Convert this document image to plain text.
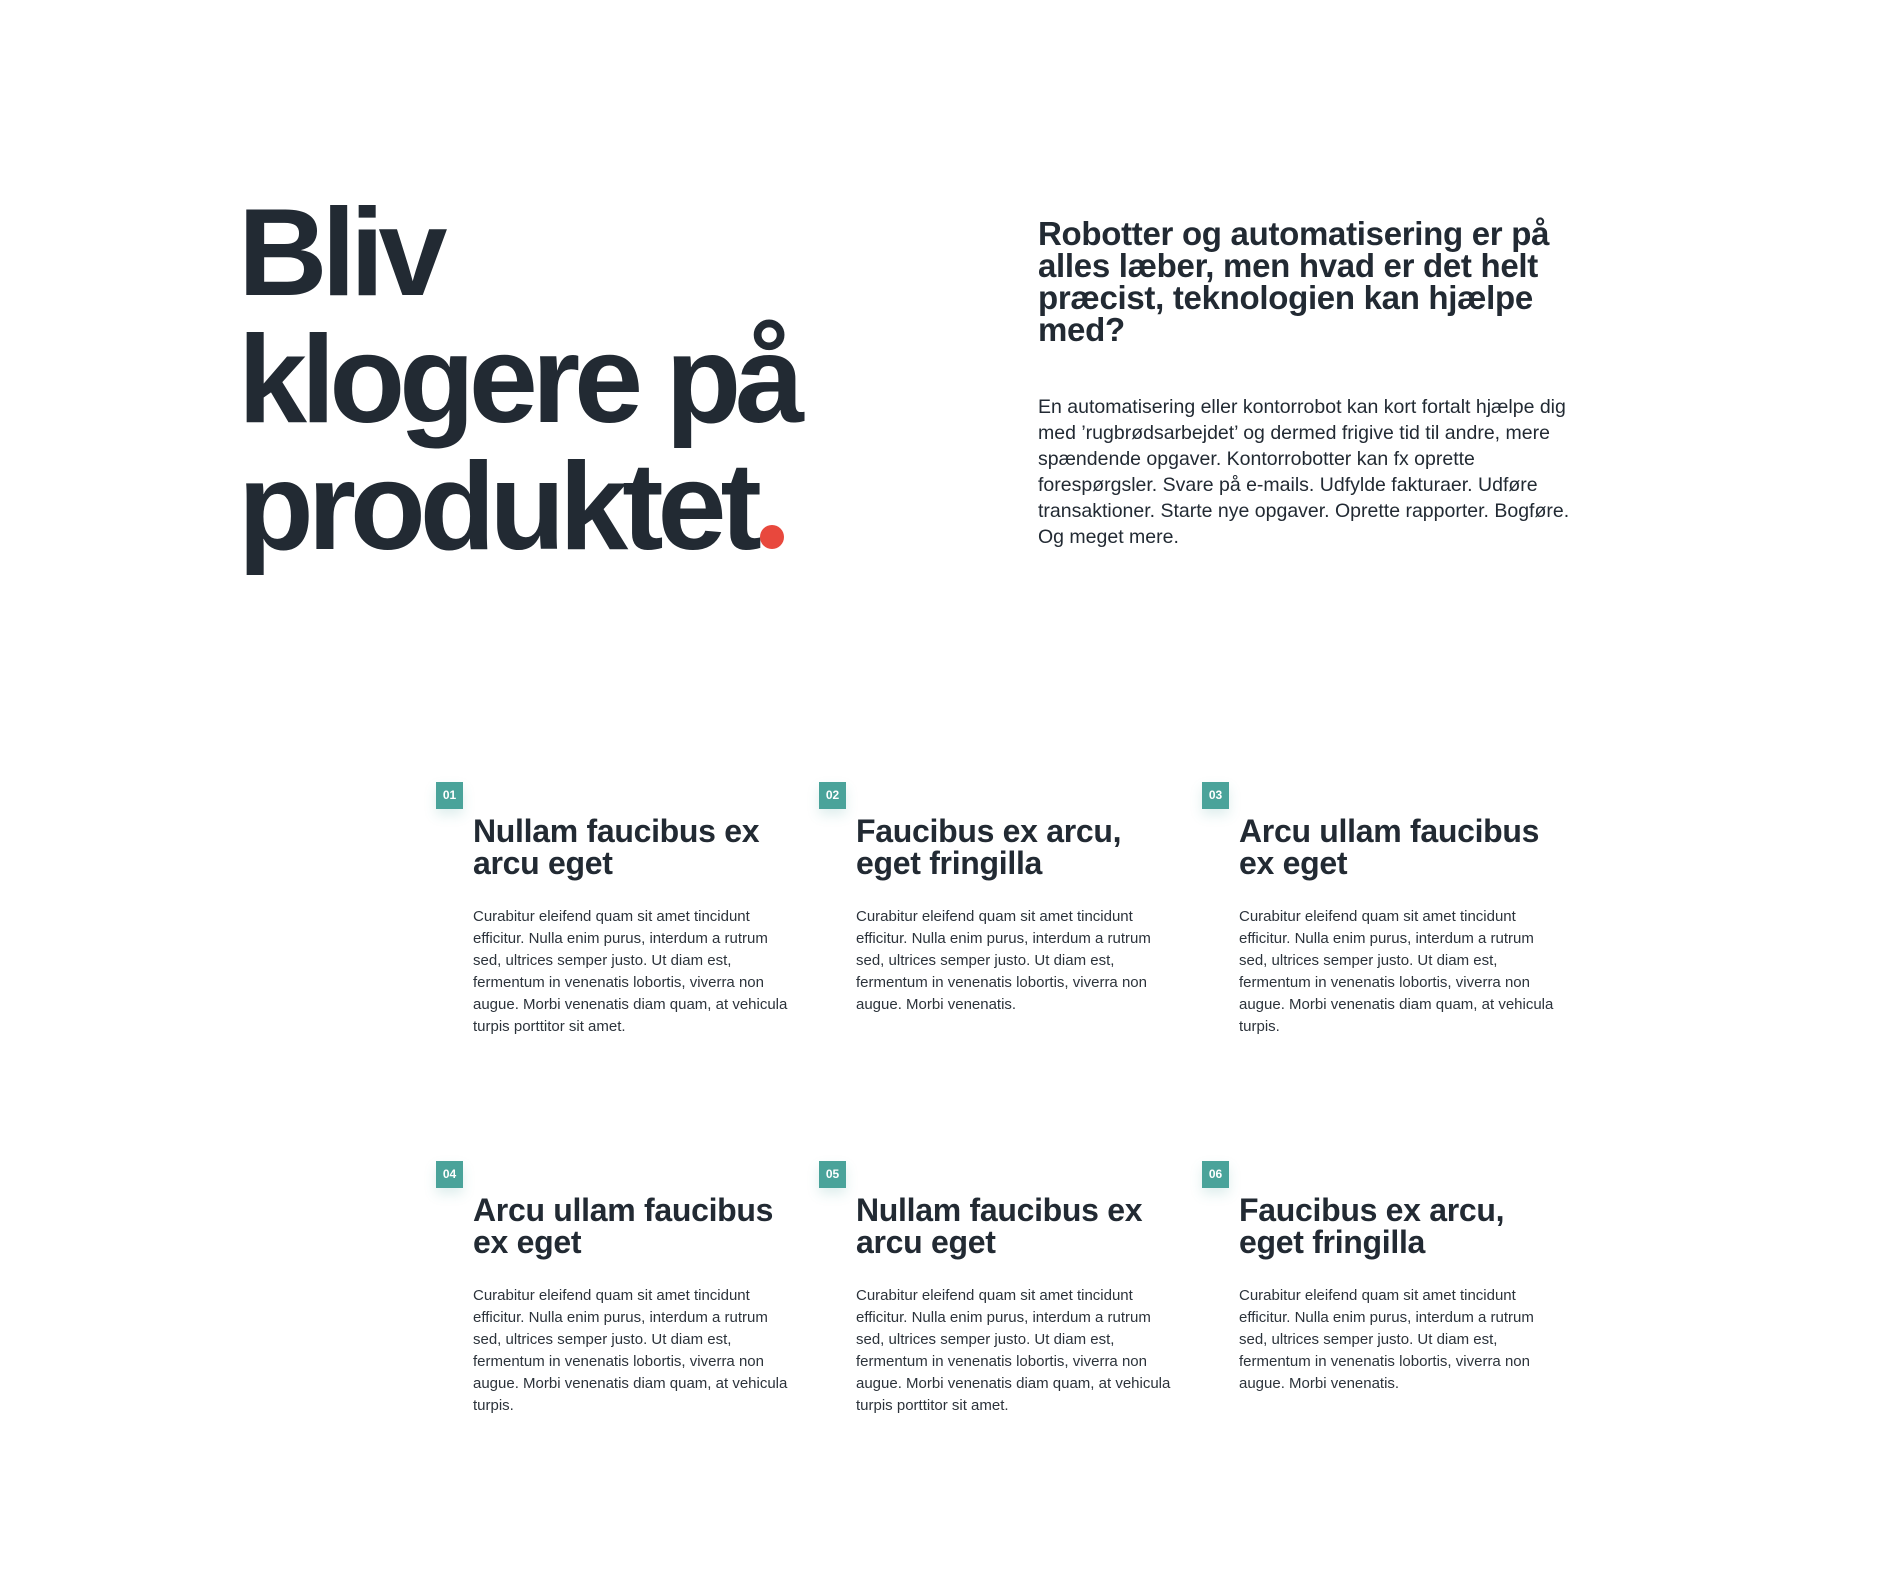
Bliv
klogere på
produktet
Robotter og automatisering er på alles læber, men hvad er det helt præcist, teknologien kan hjælpe med?

En automatisering eller kontorrobot kan kort fortalt hjælpe dig med ’rugbrødsarbejdet’ og dermed frigive tid til andre, mere spændende opgaver. Kontorrobotter kan fx oprette forespørgsler. Svare på e-mails. Udfylde fakturaer. Udføre transaktioner. Starte nye opgaver. Oprette rapporter. Bogføre. Og meget mere.

01
Nullam faucibus ex arcu eget

Curabitur eleifend quam sit amet tincidunt efficitur. Nulla enim purus, interdum a rutrum sed, ultrices semper justo. Ut diam est, fermentum in venenatis lobortis, viverra non augue. Morbi venenatis diam quam, at vehicula turpis porttitor sit amet.

02
Faucibus ex arcu, eget fringilla

Curabitur eleifend quam sit amet tincidunt efficitur. Nulla enim purus, interdum a rutrum sed, ultrices semper justo. Ut diam est, fermentum in venenatis lobortis, viverra non augue. Morbi venenatis.

03
Arcu ullam faucibus ex eget

Curabitur eleifend quam sit amet tincidunt efficitur. Nulla enim purus, interdum a rutrum sed, ultrices semper justo. Ut diam est, fermentum in venenatis lobortis, viverra non augue. Morbi venenatis diam quam, at vehicula turpis.

04
Arcu ullam faucibus ex eget

Curabitur eleifend quam sit amet tincidunt efficitur. Nulla enim purus, interdum a rutrum sed, ultrices semper justo. Ut diam est, fermentum in venenatis lobortis, viverra non augue. Morbi venenatis diam quam, at vehicula turpis.

05
Nullam faucibus ex arcu eget

Curabitur eleifend quam sit amet tincidunt efficitur. Nulla enim purus, interdum a rutrum sed, ultrices semper justo. Ut diam est, fermentum in venenatis lobortis, viverra non augue. Morbi venenatis diam quam, at vehicula turpis porttitor sit amet.

06
Faucibus ex arcu, eget fringilla

Curabitur eleifend quam sit amet tincidunt efficitur. Nulla enim purus, interdum a rutrum sed, ultrices semper justo. Ut diam est, fermentum in venenatis lobortis, viverra non augue. Morbi venenatis.
